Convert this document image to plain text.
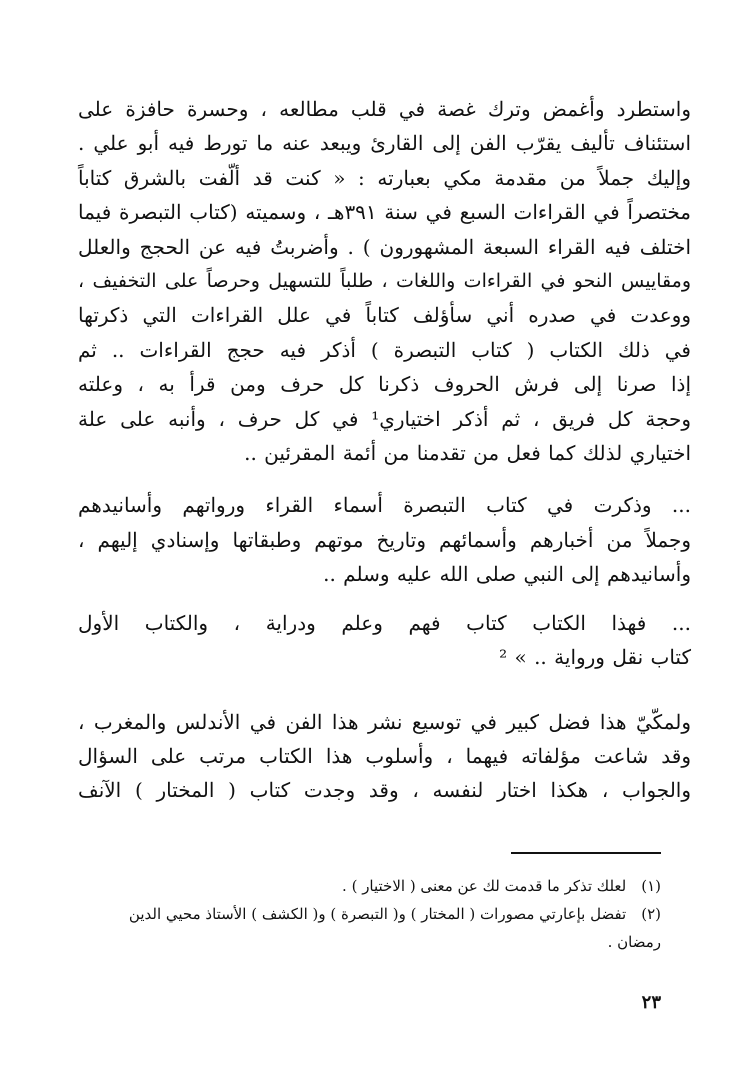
واستطرد وأغمض وترك غصة في قلب مطالعه ، وحسرة حافزة على
استئناف تأليف يقرّب الفن إلى القارئ ويبعد عنه ما تورط فيه أبو علي .
وإليك جملاً من مقدمة مكي بعبارته : « كنت قد ألّفت بالشرق كتاباً
مختصراً في القراءات السبع في سنة ٣٩١هـ ، وسميته (كتاب التبصرة فيما
اختلف فيه القراء السبعة المشهورون ) . وأضربتُ فيه عن الحجج والعلل
ومقاييس النحو في القراءات واللغات ، طلباً للتسهيل وحرصاً على التخفيف ،
ووعدت في صدره أني سأؤلف كتاباً في علل القراءات التي ذكرتها
في ذلك الكتاب ( كتاب التبصرة ) أذكر فيه حجج القراءات .. ثم
إذا صرنا إلى فرش الحروف ذكرنا كل حرف ومن قرأ به ، وعلته
وحجة كل فريق ، ثم أذكر اختياري¹ في كل حرف ، وأنبه على علة
اختياري لذلك كما فعل من تقدمنا من أئمة المقرئين ..

... وذكرت في كتاب التبصرة أسماء القراء ورواتهم وأسانيدهم
وجملاً من أخبارهم وأسمائهم وتاريخ موتهم وطبقاتها وإسنادي إليهم ،
وأسانيدهم إلى النبي صلى الله عليه وسلم ..

... فهذا الكتاب كتاب فهم وعلم ودراية ، والكتاب الأول
كتاب نقل ورواية .. » ²

ولمكّيّ هذا فضل كبير في توسيع نشر هذا الفن في الأندلس والمغرب ،
وقد شاعت مؤلفاته فيهما ، وأسلوب هذا الكتاب مرتب على السؤال
والجواب ، هكذا اختار لنفسه ، وقد وجدت كتاب ( المختار ) الآنف

(١) لعلك تذكر ما قدمت لك عن معنى ( الاختيار ) .

(٢) تفضل بإعارتي مصورات ( المختار ) و( التبصرة ) و( الكشف ) الأستاذ محيي الدين

رمضان .

٢٣
